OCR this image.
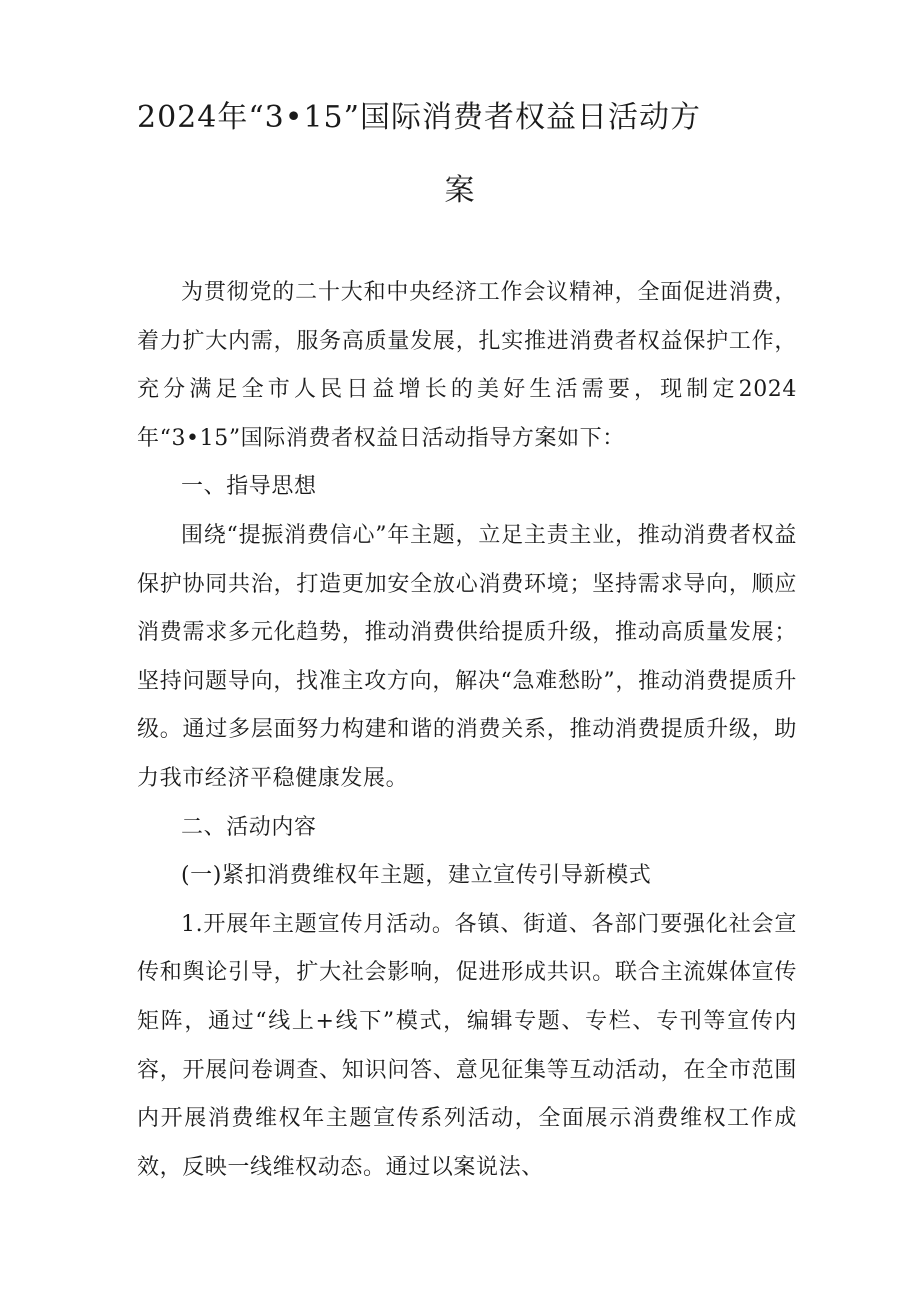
2024年“3•15”国际消费者权益日活动方
案

为贯彻党的二十大和中央经济工作会议精神，全面促进消费，着力扩大内需，服务高质量发展，扎实推进消费者权益保护工作，充分满足全市人民日益增长的美好生活需要，现制定2024年“3•15”国际消费者权益日活动指导方案如下：

一、指导思想

围绕“提振消费信心”年主题，立足主责主业，推动消费者权益保护协同共治，打造更加安全放心消费环境；坚持需求导向，顺应消费需求多元化趋势，推动消费供给提质升级，推动高质量发展；坚持问题导向，找准主攻方向，解决“急难愁盼”，推动消费提质升级。通过多层面努力构建和谐的消费关系，推动消费提质升级，助力我市经济平稳健康发展。

二、活动内容

(一)紧扣消费维权年主题，建立宣传引导新模式

1.开展年主题宣传月活动。各镇、街道、各部门要强化社会宣传和舆论引导，扩大社会影响，促进形成共识。联合主流媒体宣传矩阵，通过“线上+线下”模式，编辑专题、专栏、专刊等宣传内容，开展问卷调查、知识问答、意见征集等互动活动，在全市范围内开展消费维权年主题宣传系列活动，全面展示消费维权工作成效，反映一线维权动态。通过以案说法、
